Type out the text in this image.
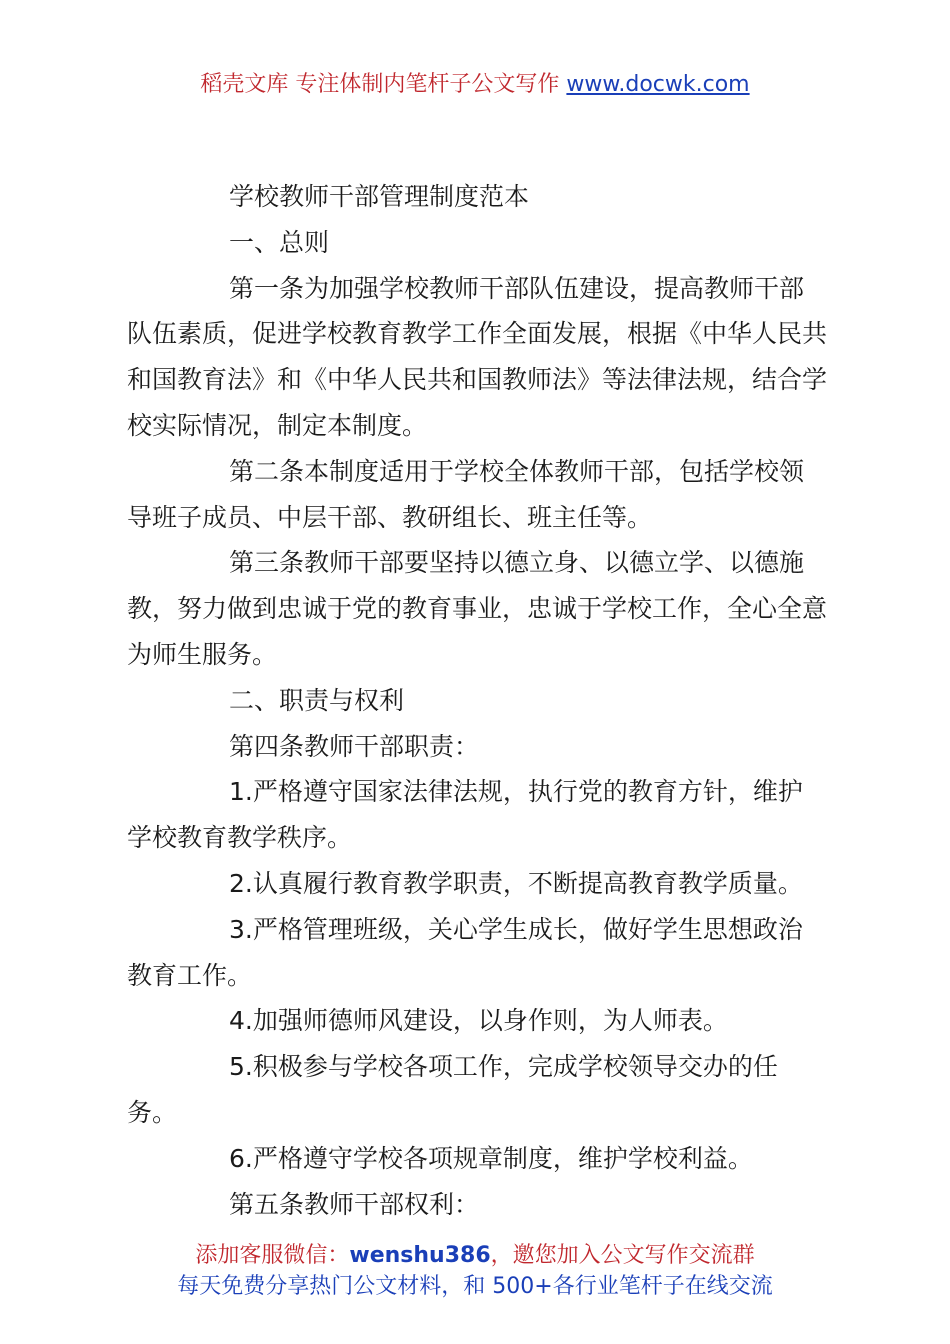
稻壳文库 专注体制内笔杆子公文写作 www.docwk.com

学校教师干部管理制度范本

一、总则

第一条为加强学校教师干部队伍建设，提高教师干部队伍素质，促进学校教育教学工作全面发展，根据《中华人民共和国教育法》和《中华人民共和国教师法》等法律法规，结合学校实际情况，制定本制度。

第二条本制度适用于学校全体教师干部，包括学校领导班子成员、中层干部、教研组长、班主任等。

第三条教师干部要坚持以德立身、以德立学、以德施教，努力做到忠诚于党的教育事业，忠诚于学校工作，全心全意为师生服务。

二、职责与权利

第四条教师干部职责：

1.严格遵守国家法律法规，执行党的教育方针，维护学校教育教学秩序。

2.认真履行教育教学职责，不断提高教育教学质量。

3.严格管理班级，关心学生成长，做好学生思想政治教育工作。

4.加强师德师风建设，以身作则，为人师表。

5.积极参与学校各项工作，完成学校领导交办的任务。

6.严格遵守学校各项规章制度，维护学校利益。

第五条教师干部权利：

添加客服微信：wenshu386，邀您加入公文写作交流群
每天免费分享热门公文材料，和 500+各行业笔杆子在线交流
